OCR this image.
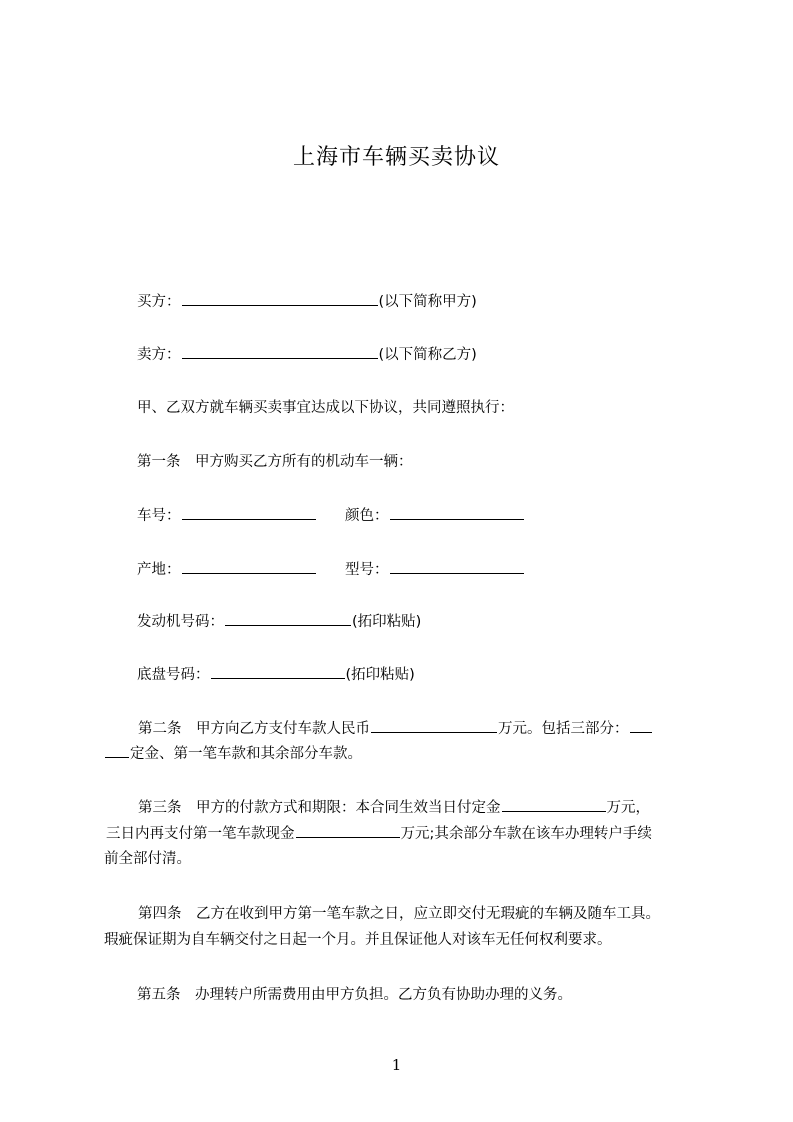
上海市车辆买卖协议
买方：	(以下简称甲方)
卖方：	(以下简称乙方)
甲、乙双方就车辆买卖事宜达成以下协议，共同遵照执行：
第一条　甲方购买乙方所有的机动车一辆：
车号：	颜色：
产地：	型号：
发动机号码：	(拓印粘贴)
底盘号码：	(拓印粘贴)
第二条　甲方向乙方支付车款人民币	万元。包括三部分：
定金、第一笔车款和其余部分车款。
第三条　甲方的付款方式和期限：本合同生效当日付定金	万元，
三日内再支付第一笔车款现金	万元;其余部分车款在该车办理转户手续
前全部付清。
第四条　乙方在收到甲方第一笔车款之日，应立即交付无瑕疵的车辆及随车工具。
瑕疵保证期为自车辆交付之日起一个月。并且保证他人对该车无任何权利要求。
第五条　办理转户所需费用由甲方负担。乙方负有协助办理的义务。
1
